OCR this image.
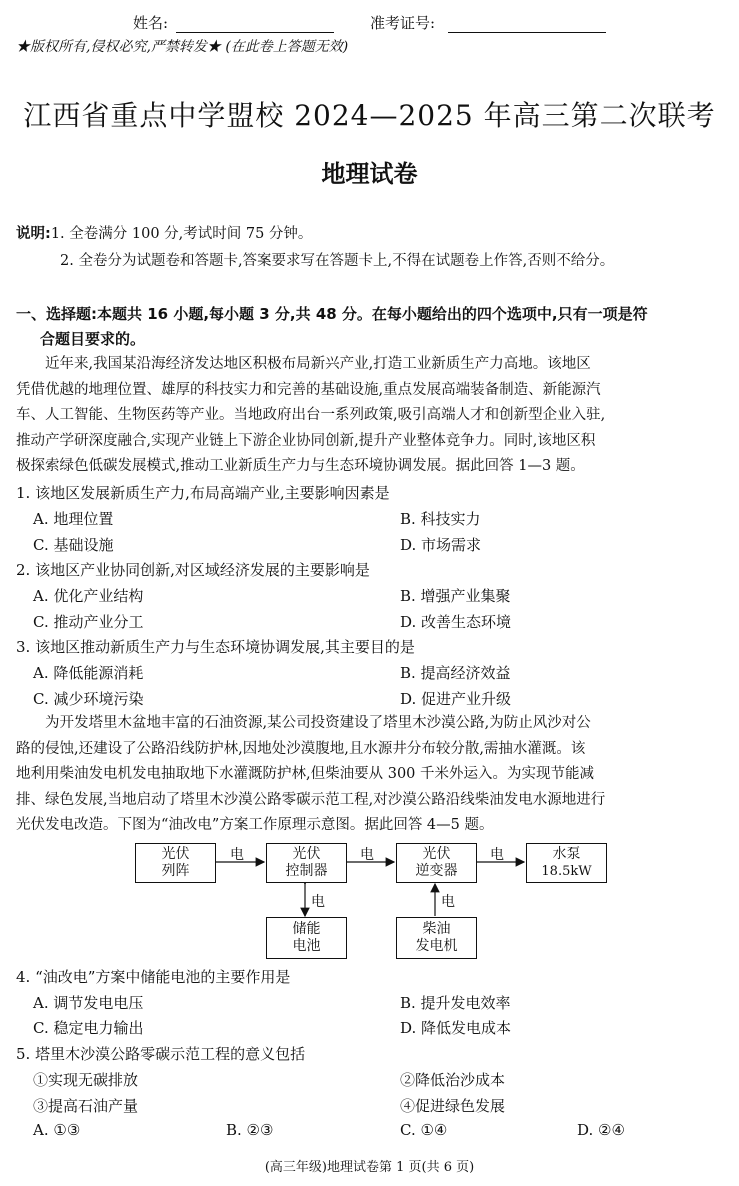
姓名:	准考证号:
★版权所有,侵权必究,严禁转发★ (在此卷上答题无效)
江西省重点中学盟校 2024—2025 年高三第二次联考
地理试卷
说明:1. 全卷满分 100 分,考试时间 75 分钟。
2. 全卷分为试题卷和答题卡,答案要求写在答题卡上,不得在试题卷上作答,否则不给分。
一、选择题:本题共 16 小题,每小题 3 分,共 48 分。在每小题给出的四个选项中,只有一项是符
合题目要求的。
近年来,我国某沿海经济发达地区积极布局新兴产业,打造工业新质生产力高地。该地区
凭借优越的地理位置、雄厚的科技实力和完善的基础设施,重点发展高端装备制造、新能源汽
车、人工智能、生物医药等产业。当地政府出台一系列政策,吸引高端人才和创新型企业入驻,
推动产学研深度融合,实现产业链上下游企业协同创新,提升产业整体竞争力。同时,该地区积
极探索绿色低碳发展模式,推动工业新质生产力与生态环境协调发展。据此回答 1—3 题。
1. 该地区发展新质生产力,布局高端产业,主要影响因素是
A. 地理位置	B. 科技实力
C. 基础设施	D. 市场需求
2. 该地区产业协同创新,对区域经济发展的主要影响是
A. 优化产业结构	B. 增强产业集聚
C. 推动产业分工	D. 改善生态环境
3. 该地区推动新质生产力与生态环境协调发展,其主要目的是
A. 降低能源消耗	B. 提高经济效益
C. 减少环境污染	D. 促进产业升级
为开发塔里木盆地丰富的石油资源,某公司投资建设了塔里木沙漠公路,为防止风沙对公
路的侵蚀,还建设了公路沿线防护林,因地处沙漠腹地,且水源井分布较分散,需抽水灌溉。该
地利用柴油发电机发电抽取地下水灌溉防护林,但柴油要从 300 千米外运入。为实现节能减
排、绿色发展,当地启动了塔里木沙漠公路零碳示范工程,对沙漠公路沿线柴油发电水源地进行
光伏发电改造。下图为“油改电”方案工作原理示意图。据此回答 4—5 题。
光伏
列阵
光伏
控制器
光伏
逆变器
水泵
18.5kW
储能
电池
柴油
发电机
电	电	电
电	电
4. “油改电”方案中储能电池的主要作用是
A. 调节发电电压	B. 提升发电效率
C. 稳定电力输出	D. 降低发电成本
5. 塔里木沙漠公路零碳示范工程的意义包括
①实现无碳排放	②降低治沙成本
③提高石油产量	④促进绿色发展
A. ①③	B. ②③	C. ①④	D. ②④
(高三年级)地理试卷第 1 页(共 6 页)
